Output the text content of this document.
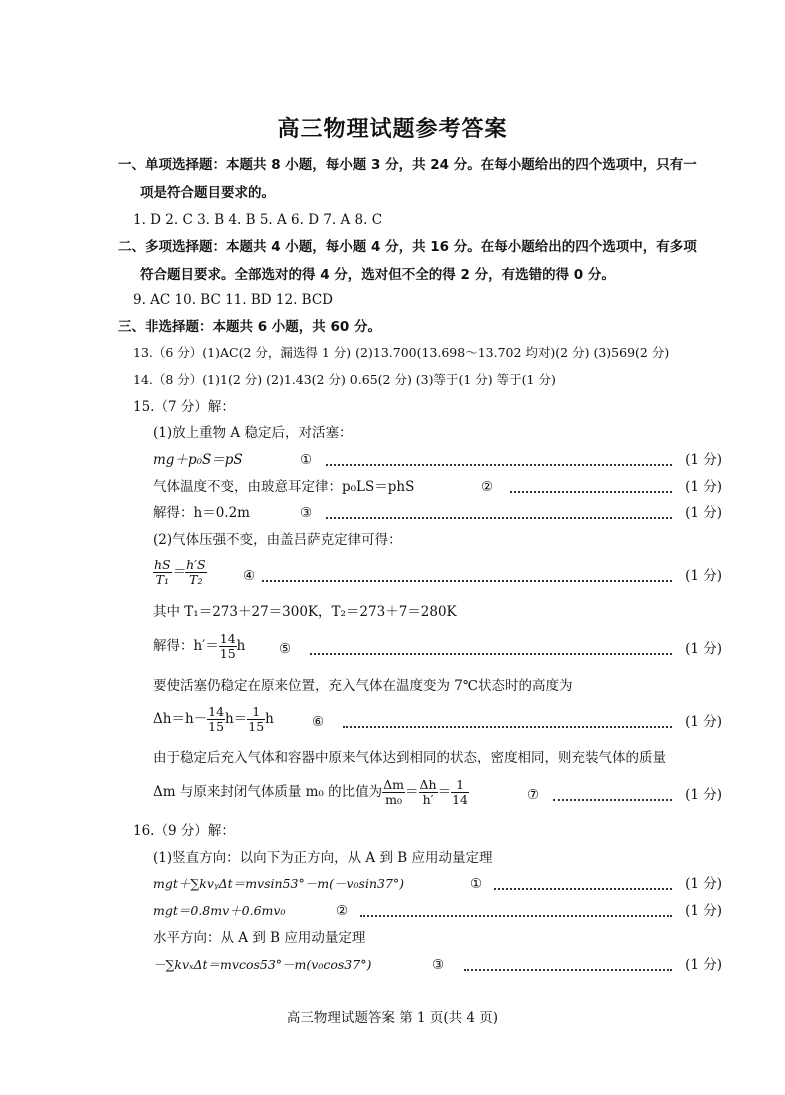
高三物理试题参考答案
一、单项选择题：本题共 8 小题，每小题 3 分，共 24 分。在每小题给出的四个选项中，只有一
项是符合题目要求的。
1. D 2. C 3. B 4. B 5. A 6. D 7. A 8. C
二、多项选择题：本题共 4 小题，每小题 4 分，共 16 分。在每小题给出的四个选项中，有多项
符合题目要求。全部选对的得 4 分，选对但不全的得 2 分，有选错的得 0 分。
9. AC 10. BC 11. BD 12. BCD
三、非选择题：本题共 6 小题，共 60 分。
13.（6 分）(1)AC(2 分，漏选得 1 分) (2)13.700(13.698～13.702 均对)(2 分) (3)569(2 分)
14.（8 分）(1)1(2 分) (2)1.43(2 分) 0.65(2 分) (3)等于(1 分) 等于(1 分)
15.（7 分）解：
(1)放上重物 A 稳定后，对活塞：
mg＋p₀S＝pS	①	(1 分)
气体温度不变，由玻意耳定律：p₀LS＝phS	②	(1 分)
解得：h＝0.2m	③	(1 分)
(2)气体压强不变，由盖吕萨克定律可得：
$\frac{hS}{\text{T₁}} = \frac{h'S}{\text{T₂}}$	④	(1 分)
其中 T₁＝273＋27＝300K，T₂＝273＋7＝280K
解得：$h'= \frac{14}{15}$ h ⑤	(1 分)
要使活塞仍稳定在原来位置，充入气体在温度变为 7℃状态时的高度为
$\Delta h=h- \frac{14}{15} h= \frac{1}{15}$ h	⑥	(1 分)
由于稳定后充入气体和容器中原来气体达到相同的状态，密度相同，则充装气体的质量
Δm 与原来封闭气体质量 m₀ 的比值为 $\frac{\Delta m}{\text{m₀}} = \frac{\Delta h}{h'} = \frac{1}{14}$	⑦	(1 分)
16.（9 分）解：
(1)竖直方向：以向下为正方向，从 A 到 B 应用动量定理
mgt＋∑kvᵧΔt＝mvsin53°－m(－v₀sin37°)	①	(1 分)
mgt＝0.8mv＋0.6mv₀	②	(1 分)
水平方向：从 A 到 B 应用动量定理
－∑kvₓΔt＝mvcos53°－m(v₀cos37°)	③	(1 分)
高三物理试题答案 第 1 页(共 4 页)
